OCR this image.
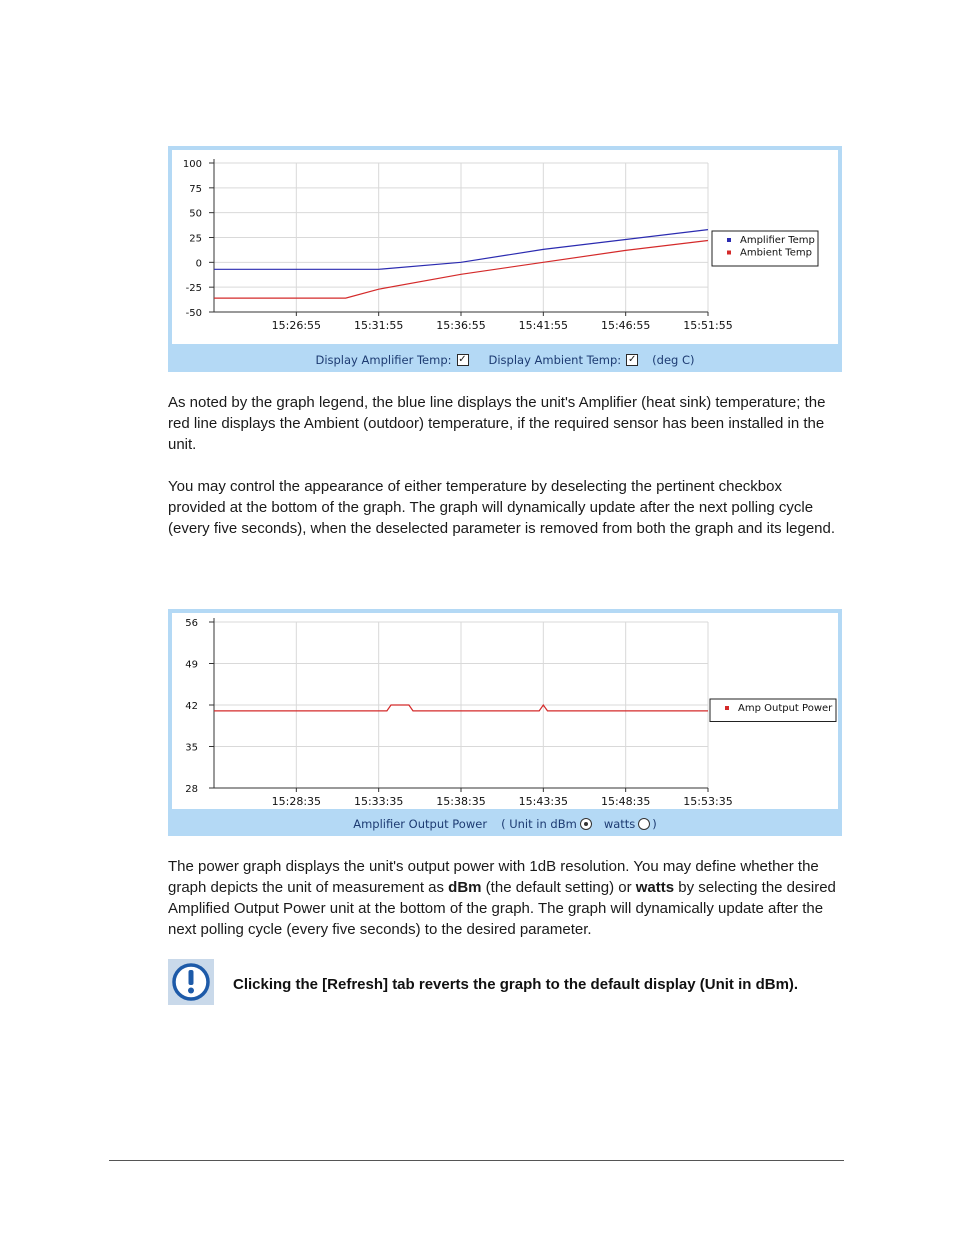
15:26:55	15:31:55	15:36:55	15:41:55	15:46:55	15:51:55
100
75
50
25
0
-25
-50
Amplifier Temp
Ambient Temp
Display Amplifier Temp: ✓ Display Ambient Temp: ✓ (deg C)

As noted by the graph legend, the blue line displays the unit's Amplifier (heat sink) temperature; the red line displays the Ambient (outdoor) temperature, if the required sensor has been installed in the unit.

You may control the appearance of either temperature by deselecting the pertinent checkbox provided at the bottom of the graph. The graph will dynamically update after the next polling cycle (every five seconds), when the deselected parameter is removed from both the graph and its legend.

15:28:35	15:33:35	15:38:35	15:43:35	15:48:35	15:53:35
56
49
42
35
28
Amp Output Power
Amplifier Output Power ( Unit in dBm watts )

The power graph displays the unit's output power with 1dB resolution. You may define whether the graph depicts the unit of measurement as dBm (the default setting) or watts by selecting the desired Amplified Output Power unit at the bottom of the graph. The graph will dynamically update after the next polling cycle (every five seconds) to the desired parameter.

Clicking the [Refresh] tab reverts the graph to the default display (Unit in dBm).
